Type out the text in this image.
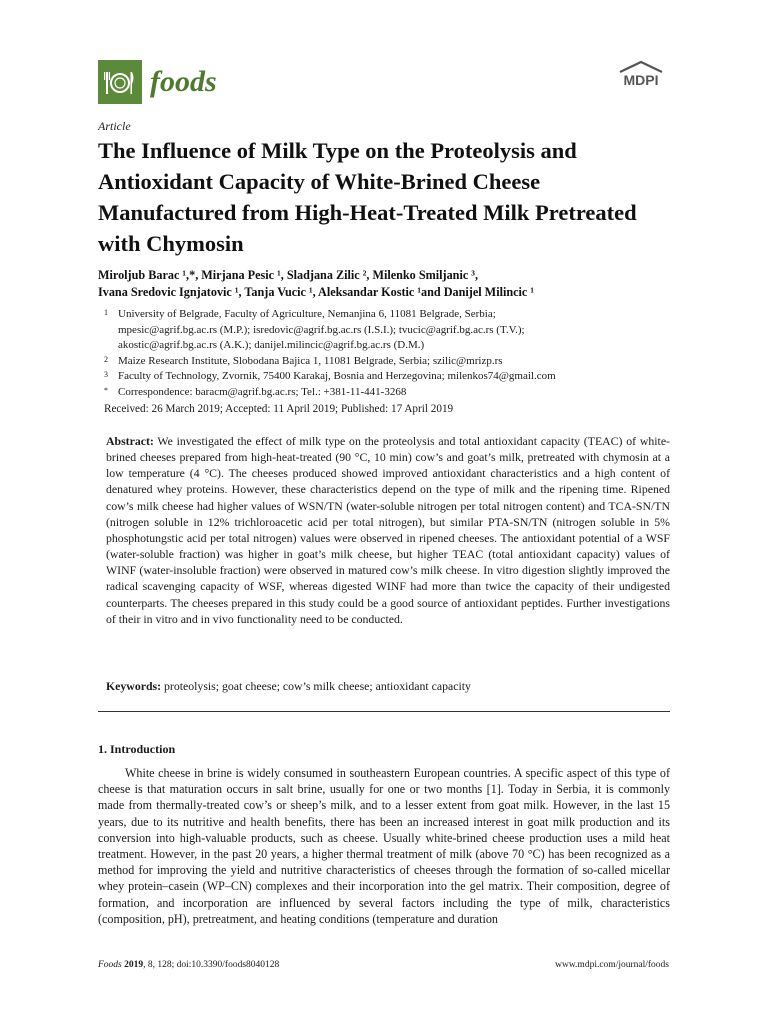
foods	MDPI
Article
The Influence of Milk Type on the Proteolysis and Antioxidant Capacity of White-Brined Cheese Manufactured from High-Heat-Treated Milk Pretreated with Chymosin
Miroljub Barac ¹,*, Mirjana Pesic ¹, Sladjana Zilic ², Milenko Smiljanic ³,
Ivana Sredovic Ignjatovic ¹, Tanja Vucic ¹, Aleksandar Kostic ¹and Danijel Milincic ¹
1 University of Belgrade, Faculty of Agriculture, Nemanjina 6, 11081 Belgrade, Serbia;
mpesic@agrif.bg.ac.rs (M.P.); isredovic@agrif.bg.ac.rs (I.S.I.); tvucic@agrif.bg.ac.rs (T.V.);
akostic@agrif.bg.ac.rs (A.K.); danijel.milincic@agrif.bg.ac.rs (D.M.)
2 Maize Research Institute, Slobodana Bajica 1, 11081 Belgrade, Serbia; szilic@mrizp.rs
3 Faculty of Technology, Zvornik, 75400 Karakaj, Bosnia and Herzegovina; milenkos74@gmail.com
* Correspondence: baracm@agrif.bg.ac.rs; Tel.: +381-11-441-3268
Received: 26 March 2019; Accepted: 11 April 2019; Published: 17 April 2019

Abstract: We investigated the effect of milk type on the proteolysis and total antioxidant capacity (TEAC) of white-brined cheeses prepared from high-heat-treated (90 °C, 10 min) cow’s and goat’s milk, pretreated with chymosin at a low temperature (4 °C). The cheeses produced showed improved antioxidant characteristics and a high content of denatured whey proteins. However, these characteristics depend on the type of milk and the ripening time. Ripened cow’s milk cheese had higher values of WSN/TN (water-soluble nitrogen per total nitrogen content) and TCA-SN/TN (nitrogen soluble in 12% trichloroacetic acid per total nitrogen), but similar PTA-SN/TN (nitrogen soluble in 5% phosphotungstic acid per total nitrogen) values were observed in ripened cheeses. The antioxidant potential of a WSF (water-soluble fraction) was higher in goat’s milk cheese, but higher TEAC (total antioxidant capacity) values of WINF (water-insoluble fraction) were observed in matured cow’s milk cheese. In vitro digestion slightly improved the radical scavenging capacity of WSF, whereas digested WINF had more than twice the capacity of their undigested counterparts. The cheeses prepared in this study could be a good source of antioxidant peptides. Further investigations of their in vitro and in vivo functionality need to be conducted.

Keywords: proteolysis; goat cheese; cow’s milk cheese; antioxidant capacity
1. Introduction

White cheese in brine is widely consumed in southeastern European countries. A specific aspect of this type of cheese is that maturation occurs in salt brine, usually for one or two months [1]. Today in Serbia, it is commonly made from thermally-treated cow’s or sheep’s milk, and to a lesser extent from goat milk. However, in the last 15 years, due to its nutritive and health benefits, there has been an increased interest in goat milk production and its conversion into high-valuable products, such as cheese. Usually white-brined cheese production uses a mild heat treatment. However, in the past 20 years, a higher thermal treatment of milk (above 70 °C) has been recognized as a method for improving the yield and nutritive characteristics of cheeses through the formation of so-called micellar whey protein–casein (WP–CN) complexes and their incorporation into the gel matrix. Their composition, degree of formation, and incorporation are influenced by several factors including the type of milk, characteristics (composition, pH), pretreatment, and heating conditions (temperature and duration

Foods 2019, 8, 128; doi:10.3390/foods8040128	www.mdpi.com/journal/foods
